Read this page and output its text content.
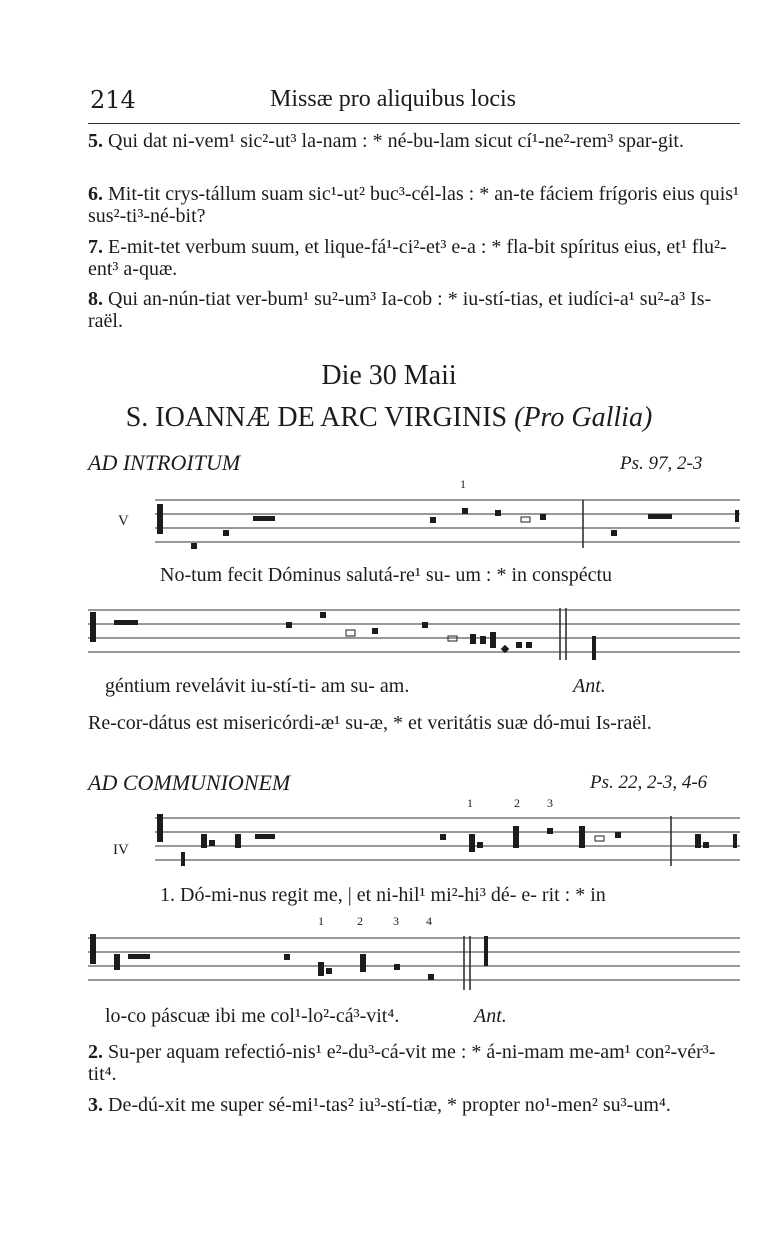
214	Missæ pro aliquibus locis

5. Qui dat ni-vem¹ sic²-ut³ la-nam : * né-bu-lam sicut cí¹-ne²-rem³ spar-git.

6. Mit-tit crys-tállum suam sic¹-ut² buc³-cél-las : * an-te fáciem frígoris eius quis¹ sus²-ti³-né-bit?

7. E-mit-tet verbum suum, et lique-fá¹-ci²-et³ e-a : * fla-bit spíritus eius, et¹ flu²-ent³ a-quæ.

8. Qui an-nún-tiat ver-bum¹ su²-um³ Ia-cob : * iu-stí-tias, et iudíci-a¹ su²-a³ Is-raël.

Die 30 Maii
S. IOANNÆ DE ARC VIRGINIS (Pro Gallia)
AD INTROITUM	Ps. 97, 2-3
V
1
No-tum fecit Dóminus salutá-re¹ su- um : * in conspéctu
géntium revelávit iu-stí-ti- am su- am.	Ant.
Re-cor-dátus est misericórdi-æ¹ su-æ, * et veritátis suæ dó-mui Is-raël.
AD COMMUNIONEM	Ps. 22, 2-3, 4-6
IV
1	2 3
1. Dó-mi-nus regit me, | et ni-hil¹ mi²-hi³ dé- e- rit : * in
1	2	3 4
lo-co páscuæ ibi me col¹-lo²-cá³-vit⁴.	Ant.

2. Su-per aquam refectió-nis¹ e²-du³-cá-vit me : * á-ni-mam me-am¹ con²-vér³-tit⁴.

3. De-dú-xit me super sé-mi¹-tas² iu³-stí-tiæ, * propter no¹-men² su³-um⁴.
